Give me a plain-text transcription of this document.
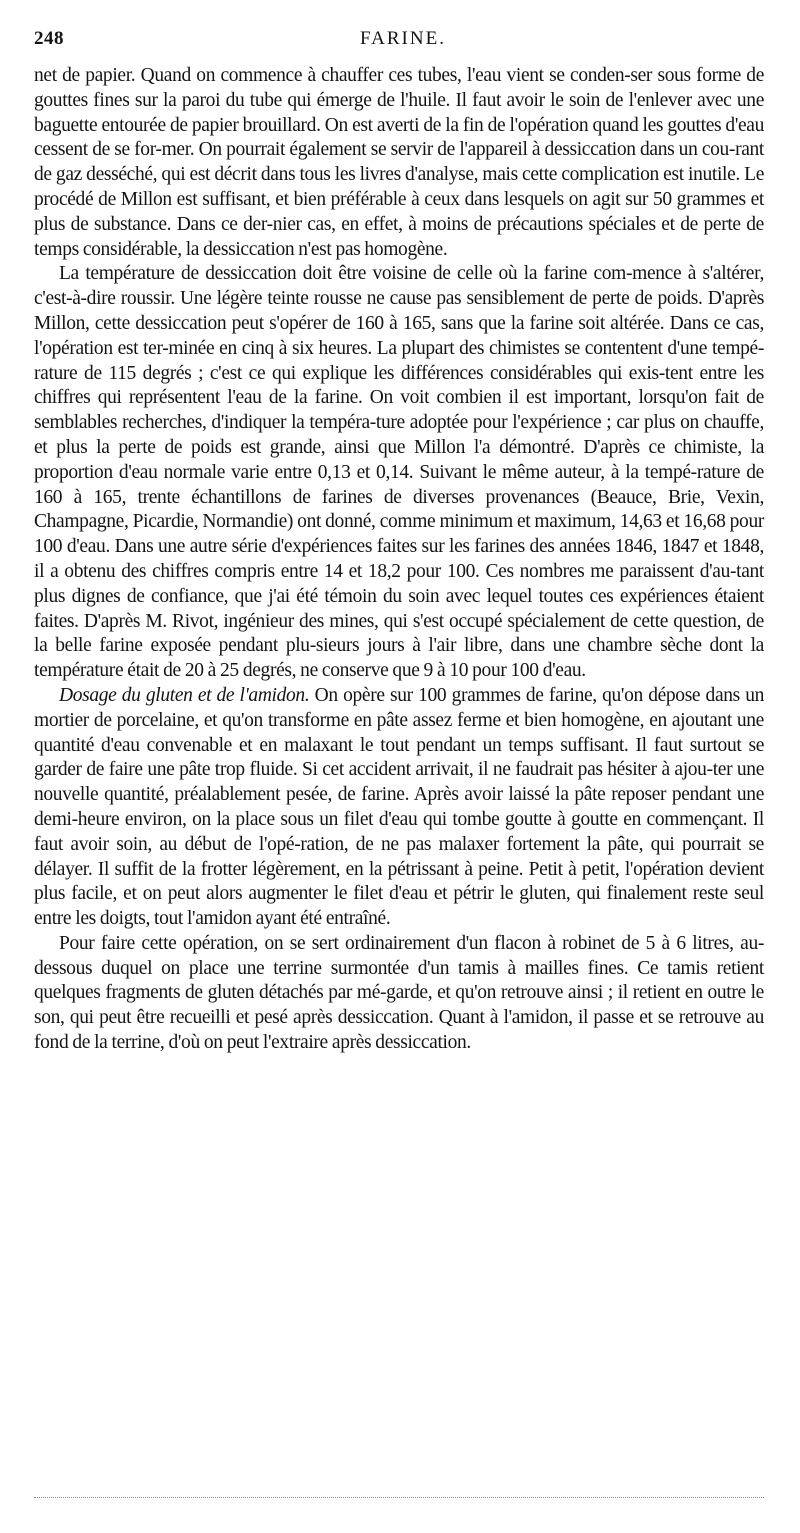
248	FARINE.

net de papier. Quand on commence à chauffer ces tubes, l'eau vient se conden-ser sous forme de gouttes fines sur la paroi du tube qui émerge de l'huile. Il faut avoir le soin de l'enlever avec une baguette entourée de papier brouillard. On est averti de la fin de l'opération quand les gouttes d'eau cessent de se for-mer. On pourrait également se servir de l'appareil à dessiccation dans un cou-rant de gaz desséché, qui est décrit dans tous les livres d'analyse, mais cette complication est inutile. Le procédé de Millon est suffisant, et bien préférable à ceux dans lesquels on agit sur 50 grammes et plus de substance. Dans ce der-nier cas, en effet, à moins de précautions spéciales et de perte de temps considérable, la dessiccation n'est pas homogène.

La température de dessiccation doit être voisine de celle où la farine com-mence à s'altérer, c'est-à-dire roussir. Une légère teinte rousse ne cause pas sensiblement de perte de poids. D'après Millon, cette dessiccation peut s'opérer de 160 à 165, sans que la farine soit altérée. Dans ce cas, l'opération est ter-minée en cinq à six heures. La plupart des chimistes se contentent d'une tempé-rature de 115 degrés ; c'est ce qui explique les différences considérables qui exis-tent entre les chiffres qui représentent l'eau de la farine. On voit combien il est important, lorsqu'on fait de semblables recherches, d'indiquer la tempéra-ture adoptée pour l'expérience ; car plus on chauffe, et plus la perte de poids est grande, ainsi que Millon l'a démontré. D'après ce chimiste, la proportion d'eau normale varie entre 0,13 et 0,14. Suivant le même auteur, à la tempé-rature de 160 à 165, trente échantillons de farines de diverses provenances (Beauce, Brie, Vexin, Champagne, Picardie, Normandie) ont donné, comme minimum et maximum, 14,63 et 16,68 pour 100 d'eau. Dans une autre série d'expériences faites sur les farines des années 1846, 1847 et 1848, il a obtenu des chiffres compris entre 14 et 18,2 pour 100. Ces nombres me paraissent d'au-tant plus dignes de confiance, que j'ai été témoin du soin avec lequel toutes ces expériences étaient faites. D'après M. Rivot, ingénieur des mines, qui s'est occupé spécialement de cette question, de la belle farine exposée pendant plu-sieurs jours à l'air libre, dans une chambre sèche dont la température était de 20 à 25 degrés, ne conserve que 9 à 10 pour 100 d'eau.

Dosage du gluten et de l'amidon. On opère sur 100 grammes de farine, qu'on dépose dans un mortier de porcelaine, et qu'on transforme en pâte assez ferme et bien homogène, en ajoutant une quantité d'eau convenable et en malaxant le tout pendant un temps suffisant. Il faut surtout se garder de faire une pâte trop fluide. Si cet accident arrivait, il ne faudrait pas hésiter à ajou-ter une nouvelle quantité, préalablement pesée, de farine. Après avoir laissé la pâte reposer pendant une demi-heure environ, on la place sous un filet d'eau qui tombe goutte à goutte en commençant. Il faut avoir soin, au début de l'opé-ration, de ne pas malaxer fortement la pâte, qui pourrait se délayer. Il suffit de la frotter légèrement, en la pétrissant à peine. Petit à petit, l'opération devient plus facile, et on peut alors augmenter le filet d'eau et pétrir le gluten, qui finalement reste seul entre les doigts, tout l'amidon ayant été entraîné.

Pour faire cette opération, on se sert ordinairement d'un flacon à robinet de 5 à 6 litres, au-dessous duquel on place une terrine surmontée d'un tamis à mailles fines. Ce tamis retient quelques fragments de gluten détachés par mé-garde, et qu'on retrouve ainsi ; il retient en outre le son, qui peut être recueilli et pesé après dessiccation. Quant à l'amidon, il passe et se retrouve au fond de la terrine, d'où on peut l'extraire après dessiccation.
